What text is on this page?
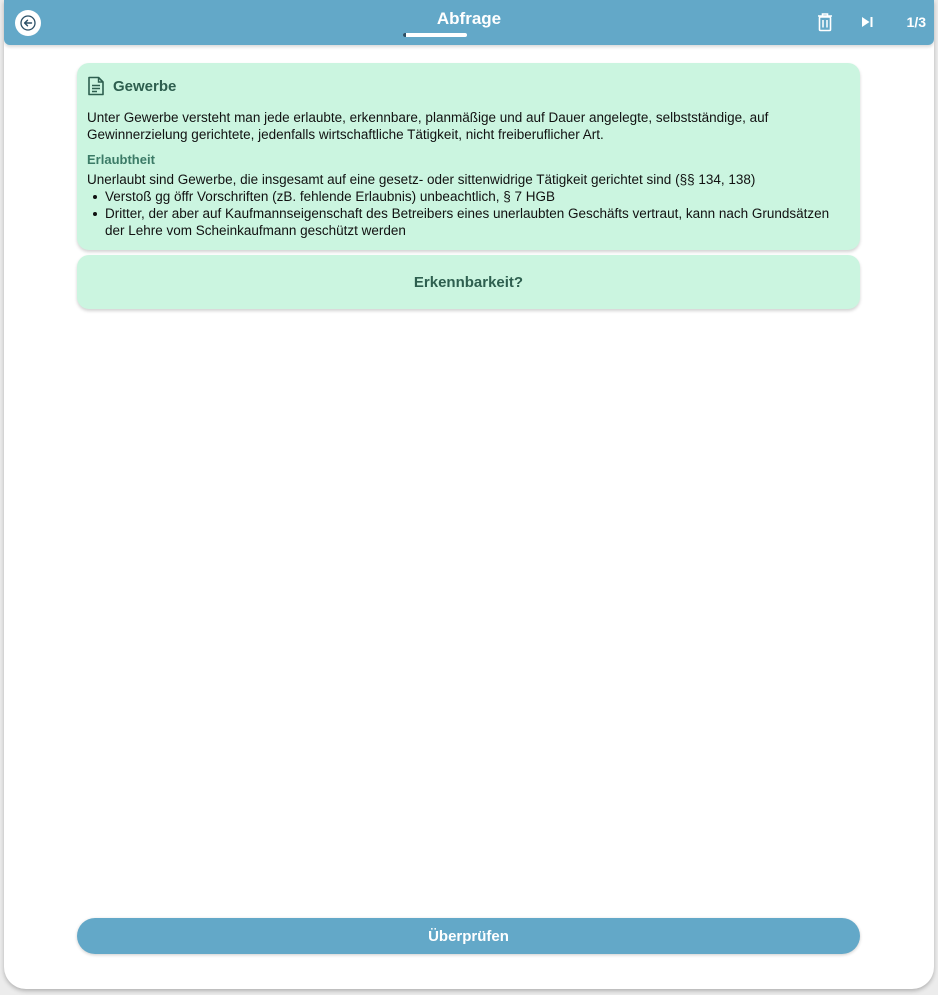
Abfrage	1/3
Gewerbe

Unter Gewerbe versteht man jede erlaubte, erkennbare, planmäßige und auf Dauer angelegte, selbstständige, auf Gewinnerzielung gerichtete, jedenfalls wirtschaftliche Tätigkeit, nicht freiberuflicher Art.

Erlaubtheit

Unerlaubt sind Gewerbe, die insgesamt auf eine gesetz- oder sittenwidrige Tätigkeit gerichtet sind (§§ 134, 138)

Verstoß gg öffr Vorschriften (zB. fehlende Erlaubnis) unbeachtlich, § 7 HGB
Dritter, der aber auf Kaufmannseigenschaft des Betreibers eines unerlaubten Geschäfts vertraut, kann nach Grundsätzen der Lehre vom Scheinkaufmann geschützt werden
Erkennbarkeit?
Überprüfen
